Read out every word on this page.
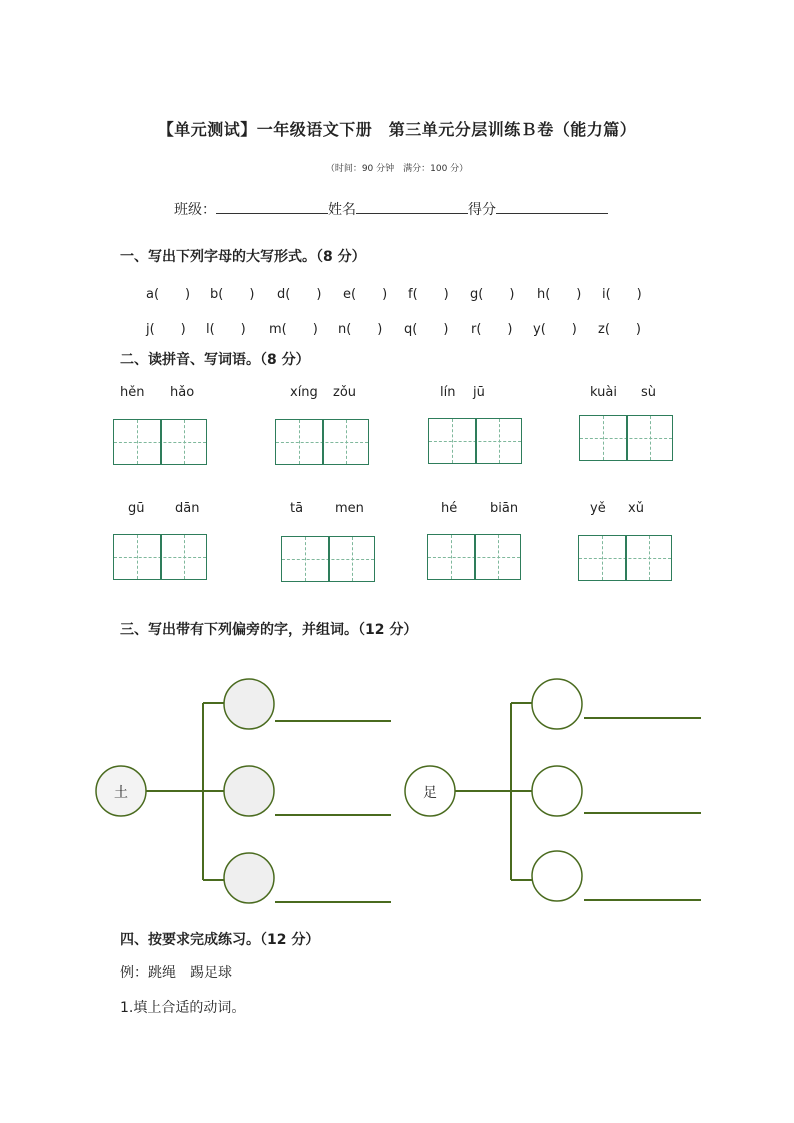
【单元测试】一年级语文下册　第三单元分层训练Ｂ卷（能力篇）
（时间：90 分钟　满分：100 分）
班级：	姓名	得分
一、写出下列字母的大写形式。（8 分）
a(　　) b(　　) d(　　) e(　　) f(　　) g(　　) h(　　) i(　　)
j(　　) l(　　) m(　　) n(　　) q(　　) r(　　) y(　　) z(　　)
二、读拼音、写词语。（8 分）
hěn hǎo	xíng zǒu	lín jū	kuài sù
gū dān	tā men	hé	biān	yě xǔ
三、写出带有下列偏旁的字，并组词。（12 分）
土	足
四、按要求完成练习。（12 分）
例：跳绳　踢足球
1.填上合适的动词。
